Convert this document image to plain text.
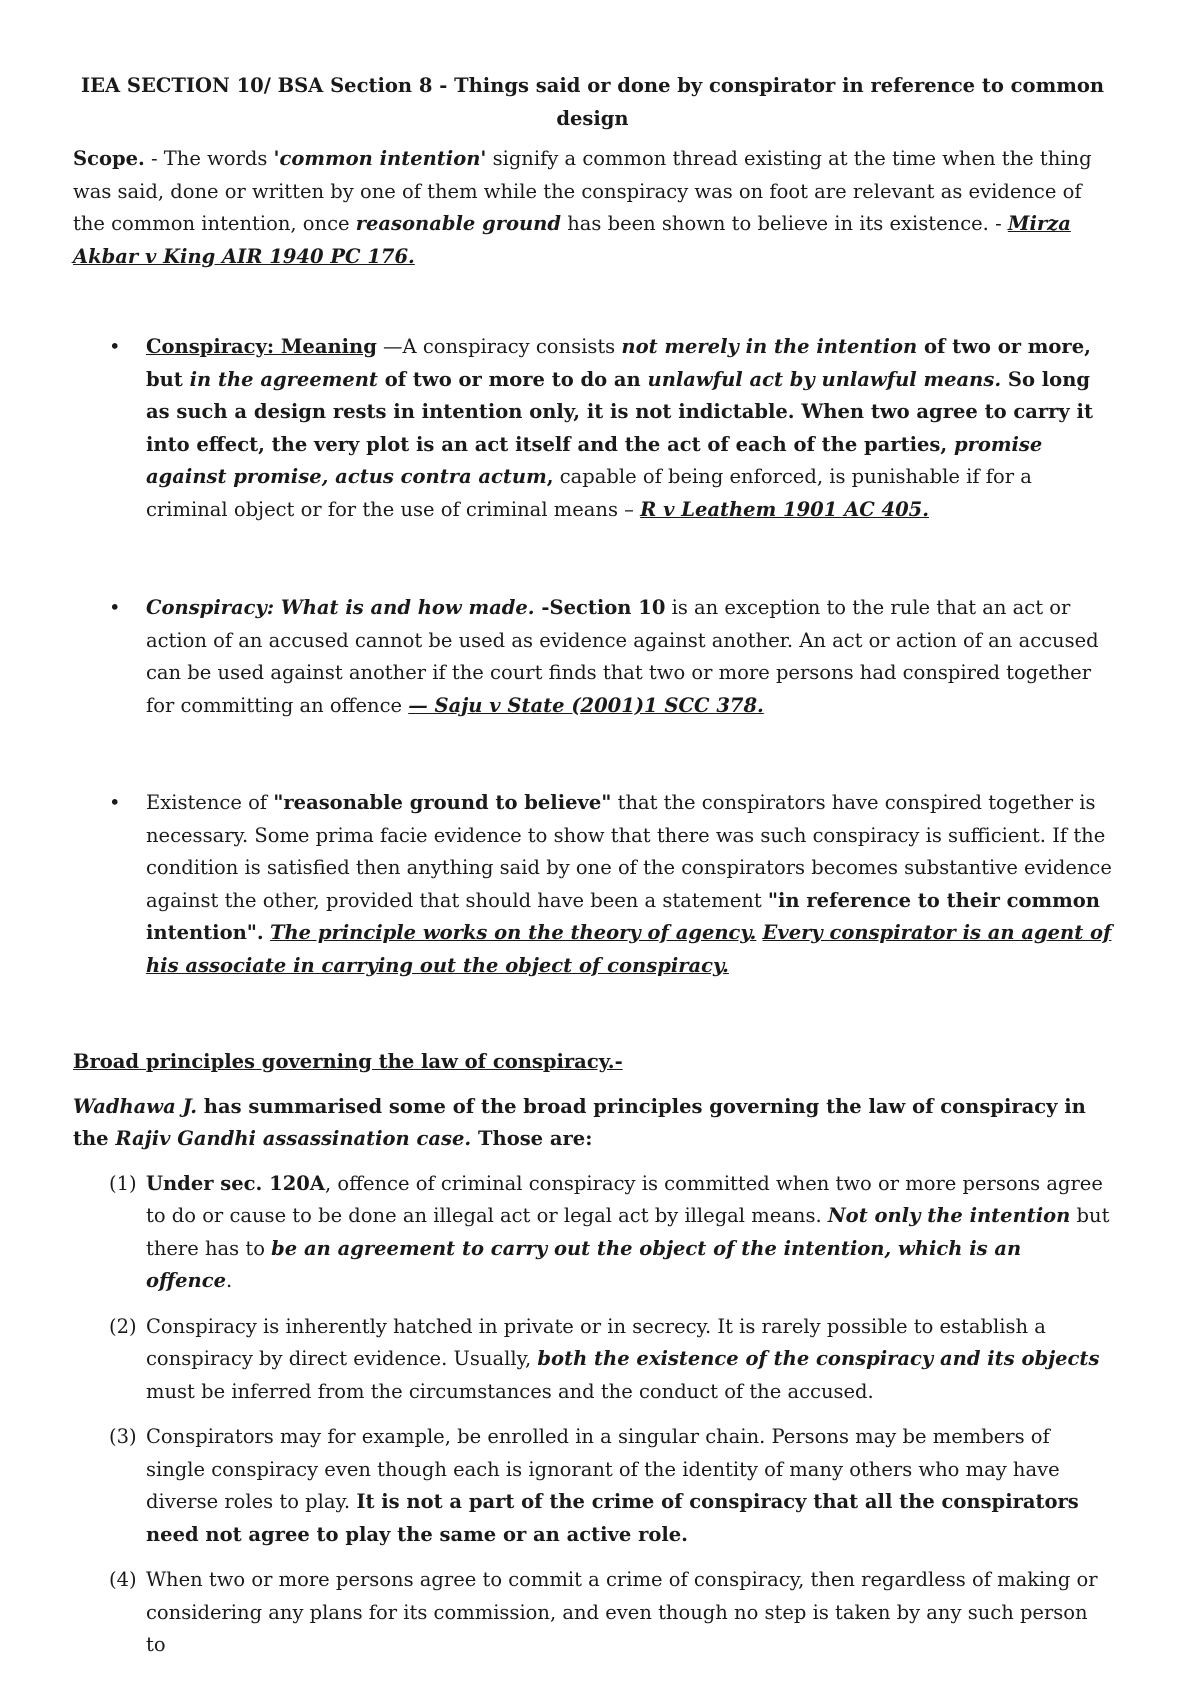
IEA SECTION 10/ BSA Section 8 - Things said or done by conspirator in reference to common design

Scope. - The words 'common intention' signify a common thread existing at the time when the thing was said, done or written by one of them while the conspiracy was on foot are relevant as evidence of the common intention, once reasonable ground has been shown to believe in its existence. - Mirza Akbar v King AIR 1940 PC 176.

• Conspiracy: Meaning —A conspiracy consists not merely in the intention of two or more, but in the agreement of two or more to do an unlawful act by unlawful means. So long as such a design rests in intention only, it is not indictable. When two agree to carry it into effect, the very plot is an act itself and the act of each of the parties, promise against promise, actus contra actum, capable of being enforced, is punishable if for a criminal object or for the use of criminal means – R v Leathem 1901 AC 405.
• Conspiracy: What is and how made. -Section 10 is an exception to the rule that an act or action of an accused cannot be used as evidence against another. An act or action of an accused can be used against another if the court finds that two or more persons had conspired together for committing an offence — Saju v State (2001)1 SCC 378.
• Existence of "reasonable ground to believe" that the conspirators have conspired together is necessary. Some prima facie evidence to show that there was such conspiracy is sufficient. If the condition is satisfied then anything said by one of the conspirators becomes substantive evidence against the other, provided that should have been a statement "in reference to their common intention". The principle works on the theory of agency. Every conspirator is an agent of his associate in carrying out the object of conspiracy.

Broad principles governing the law of conspiracy.-

Wadhawa J. has summarised some of the broad principles governing the law of conspiracy in the Rajiv Gandhi assassination case. Those are:

(1) Under sec. 120A, offence of criminal conspiracy is committed when two or more persons agree to do or cause to be done an illegal act or legal act by illegal means. Not only the intention but there has to be an agreement to carry out the object of the intention, which is an offence.
(2) Conspiracy is inherently hatched in private or in secrecy. It is rarely possible to establish a conspiracy by direct evidence. Usually, both the existence of the conspiracy and its objects must be inferred from the circumstances and the conduct of the accused.
(3) Conspirators may for example, be enrolled in a singular chain. Persons may be members of single conspiracy even though each is ignorant of the identity of many others who may have diverse roles to play. It is not a part of the crime of conspiracy that all the conspirators need not agree to play the same or an active role.
(4) When two or more persons agree to commit a crime of conspiracy, then regardless of making or considering any plans for its commission, and even though no step is taken by any such person to
